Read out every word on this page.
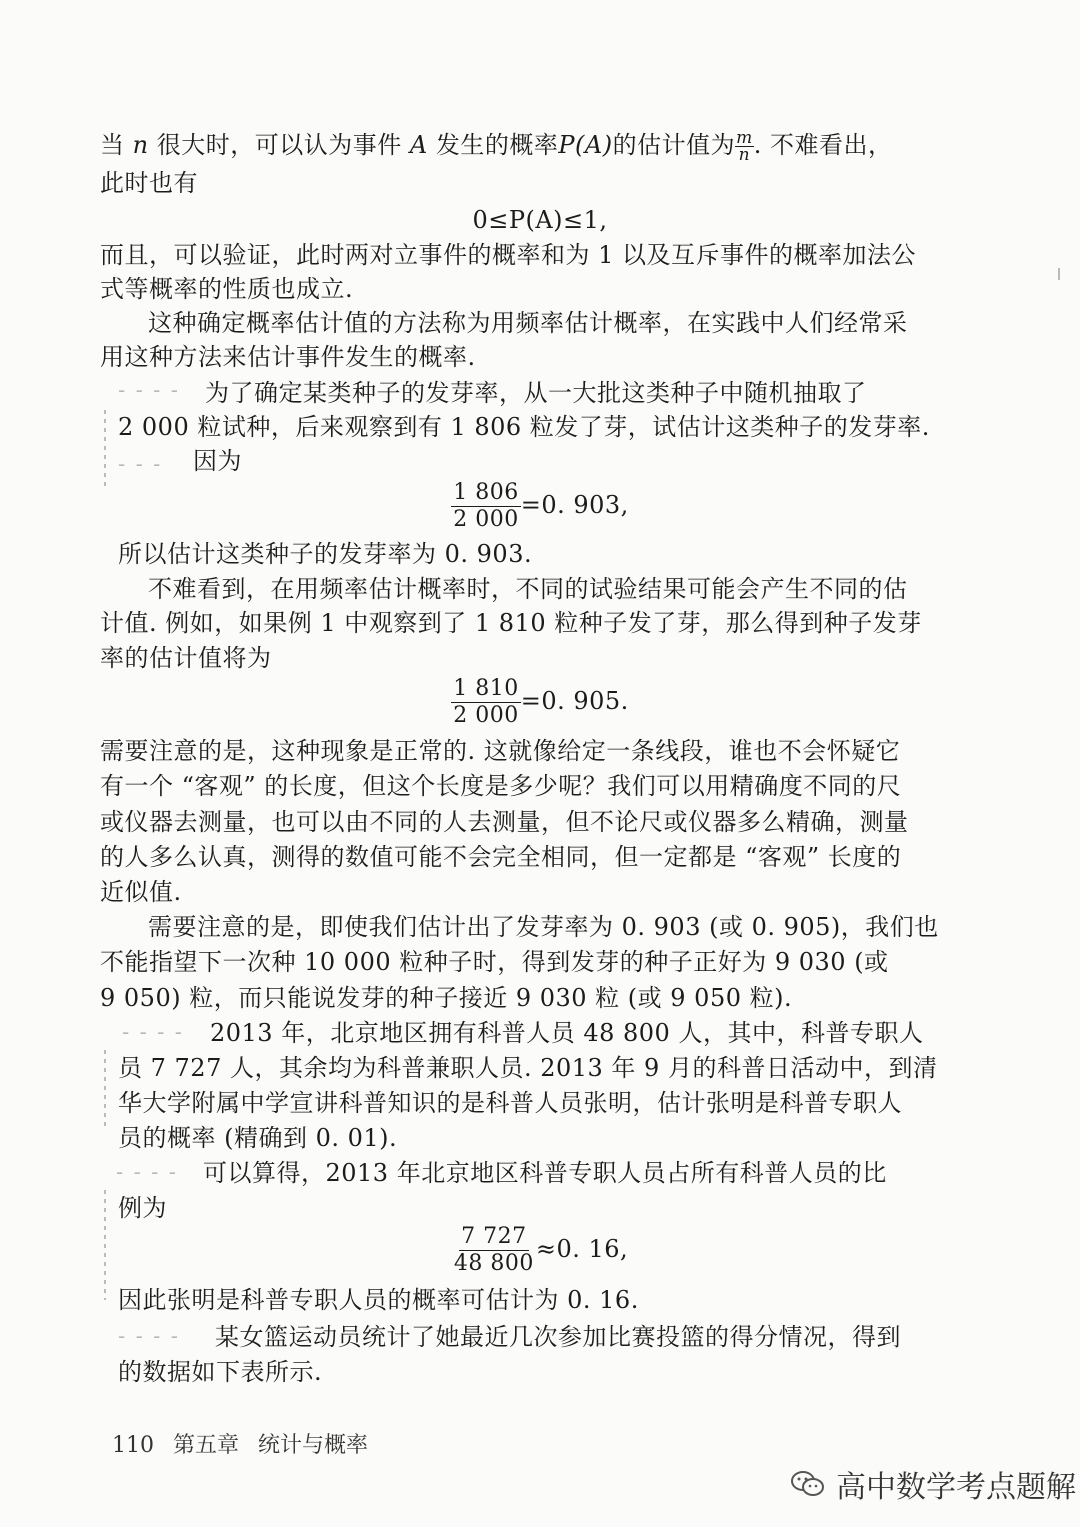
当 n 很大时，可以认为事件 A 发生的概率P(A)的估计值为 $\frac{m}{n}$ . 不难看出，
此时也有
0≤P(A)≤1,
而且，可以验证，此时两对立事件的概率和为 1 以及互斥事件的概率加法公
式等概率的性质也成立.
这种确定概率估计值的方法称为用频率估计概率，在实践中人们经常采
用这种方法来估计事件发生的概率.
‐ ‐ ‐ ‐ 为了确定某类种子的发芽率，从一大批这类种子中随机抽取了
2 000 粒试种，后来观察到有 1 806 粒发了芽，试估计这类种子的发芽率.
‐ ‐ ‐ 因为
$\frac{1 806}{2 000} =0$. 903,
所以估计这类种子的发芽率为 0. 903.
不难看到，在用频率估计概率时，不同的试验结果可能会产生不同的估
计值. 例如，如果例 1 中观察到了 1 810 粒种子发了芽，那么得到种子发芽
率的估计值将为
$\frac{1 810}{2 000} =0$. 905.
需要注意的是，这种现象是正常的. 这就像给定一条线段，谁也不会怀疑它
有一个 “客观” 的长度，但这个长度是多少呢？我们可以用精确度不同的尺
或仪器去测量，也可以由不同的人去测量，但不论尺或仪器多么精确，测量
的人多么认真，测得的数值可能不会完全相同，但一定都是 “客观” 长度的
近似值.
需要注意的是，即使我们估计出了发芽率为 0. 903 (或 0. 905)，我们也
不能指望下一次种 10 000 粒种子时，得到发芽的种子正好为 9 030 (或
9 050) 粒，而只能说发芽的种子接近 9 030 粒 (或 9 050 粒).
‐ ‐ ‐ ‐ 2013 年，北京地区拥有科普人员 48 800 人，其中，科普专职人
员 7 727 人，其余均为科普兼职人员. 2013 年 9 月的科普日活动中，到清
华大学附属中学宣讲科普知识的是科普人员张明，估计张明是科普专职人
员的概率 (精确到 0. 01).
‐ ‐ ‐ ‐ 可以算得，2013 年北京地区科普专职人员占所有科普人员的比
例为
$\frac{7 727}{48 800} \approx 0$. 16,
因此张明是科普专职人员的概率可估计为 0. 16.
‐ ‐ ‐ ‐ 某女篮运动员统计了她最近几次参加比赛投篮的得分情况，得到
的数据如下表所示.
110 第五章 统计与概率
高中数学考点题解
